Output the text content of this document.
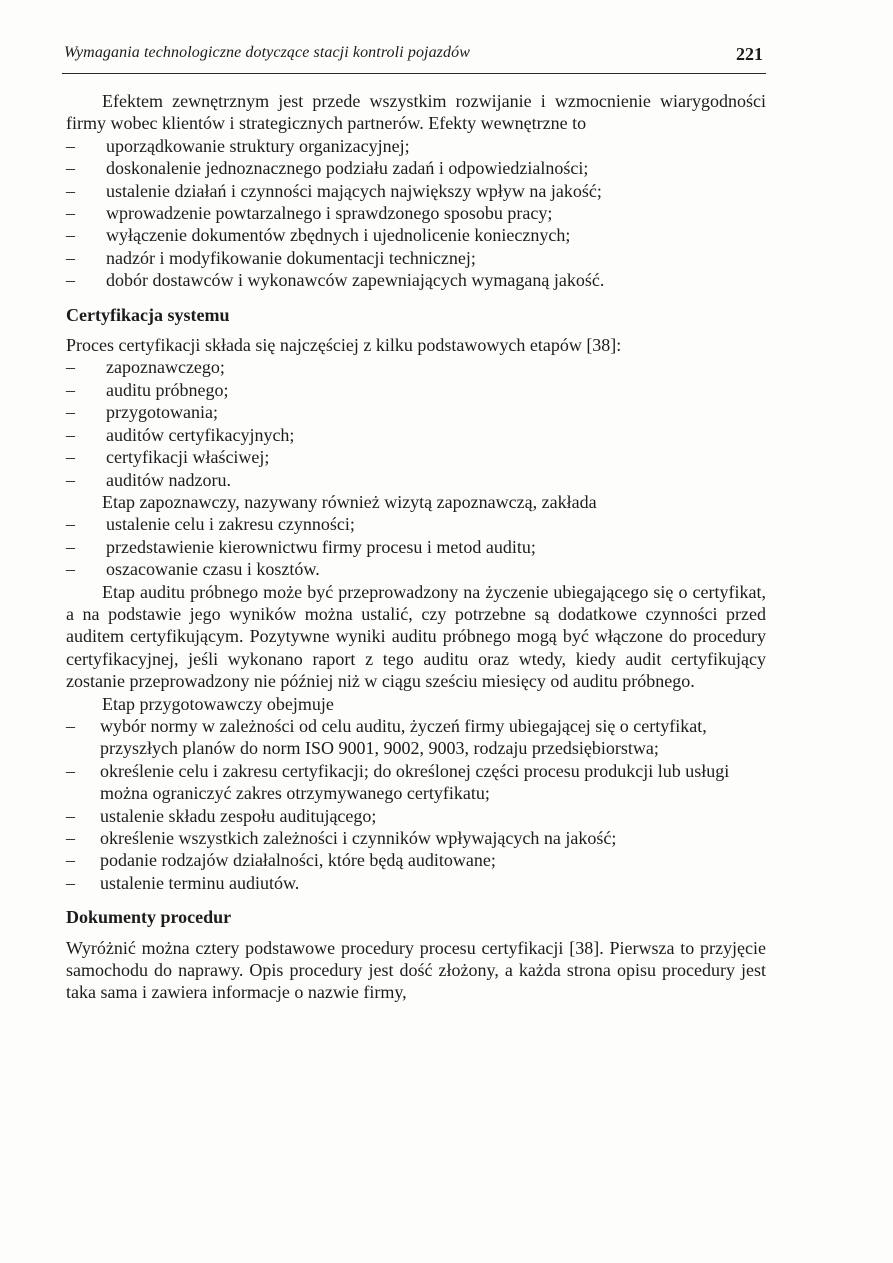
Wymagania technologiczne dotyczące stacji kontroli pojazdów	221

Efektem zewnętrznym jest przede wszystkim rozwijanie i wzmocnienie wiarygodności firmy wobec klientów i strategicznych partnerów. Efekty wewnętrzne to

– uporządkowanie struktury organizacyjnej;
– doskonalenie jednoznacznego podziału zadań i odpowiedzialności;
– ustalenie działań i czynności mających największy wpływ na jakość;
– wprowadzenie powtarzalnego i sprawdzonego sposobu pracy;
– wyłączenie dokumentów zbędnych i ujednolicenie koniecznych;
– nadzór i modyfikowanie dokumentacji technicznej;
– dobór dostawców i wykonawców zapewniających wymaganą jakość.
Certyfikacja systemu

Proces certyfikacji składa się najczęściej z kilku podstawowych etapów [38]:

– zapoznawczego;
– auditu próbnego;
– przygotowania;
– auditów certyfikacyjnych;
– certyfikacji właściwej;
– auditów nadzoru.

Etap zapoznawczy, nazywany również wizytą zapoznawczą, zakłada

– ustalenie celu i zakresu czynności;
– przedstawienie kierownictwu firmy procesu i metod auditu;
– oszacowanie czasu i kosztów.

Etap auditu próbnego może być przeprowadzony na życzenie ubiegającego się o certyfikat, a na podstawie jego wyników można ustalić, czy potrzebne są dodatkowe czynności przed auditem certyfikującym. Pozytywne wyniki auditu próbnego mogą być włączone do procedury certyfikacyjnej, jeśli wykonano raport z tego auditu oraz wtedy, kiedy audit certyfikujący zostanie przeprowadzony nie później niż w ciągu sześciu miesięcy od auditu próbnego.

Etap przygotowawczy obejmuje

– wybór normy w zależności od celu auditu, życzeń firmy ubiegającej się o certyfikat, przyszłych planów do norm ISO 9001, 9002, 9003, rodzaju przedsiębiorstwa;
– określenie celu i zakresu certyfikacji; do określonej części procesu produkcji lub usługi można ograniczyć zakres otrzymywanego certyfikatu;
– ustalenie składu zespołu auditującego;
– określenie wszystkich zależności i czynników wpływających na jakość;
– podanie rodzajów działalności, które będą auditowane;
– ustalenie terminu audiutów.
Dokumenty procedur

Wyróżnić można cztery podstawowe procedury procesu certyfikacji [38]. Pierwsza to przyjęcie samochodu do naprawy. Opis procedury jest dość złożony, a każda strona opisu procedury jest taka sama i zawiera informacje o nazwie firmy,
